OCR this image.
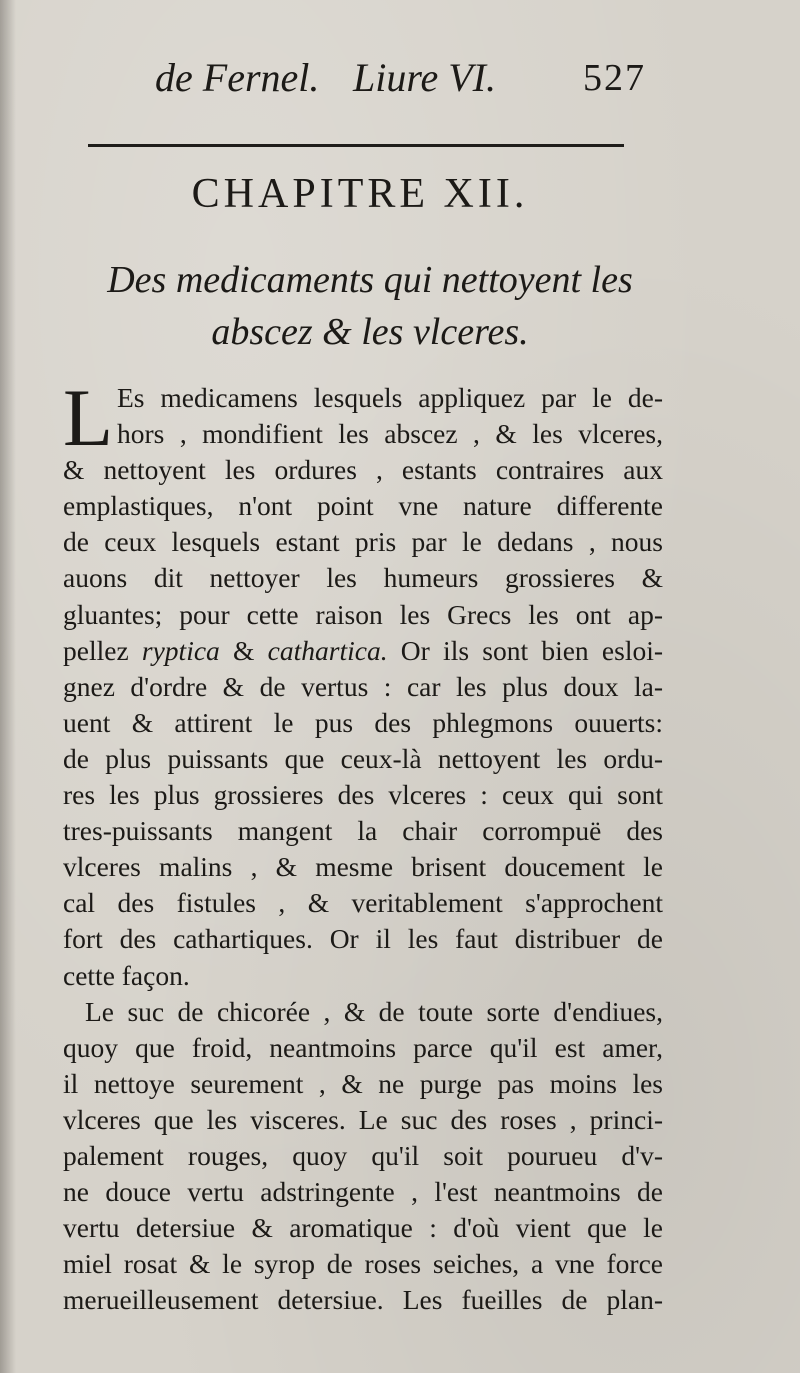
de Fernel. Liure VI. 527
CHAPITRE XII.
Des medicaments qui nettoyent les
abscez & les vlceres.
L Es medicamens lesquels appliquez par le de-
hors , mondifient les abscez , & les vlceres,
& nettoyent les ordures , estants contraires aux
emplastiques, n'ont point vne nature differente
de ceux lesquels estant pris par le dedans , nous
auons dit nettoyer les humeurs grossieres &
gluantes; pour cette raison les Grecs les ont ap-
pellez ryptica & cathartica. Or ils sont bien esloi-
gnez d'ordre & de vertus : car les plus doux la-
uent & attirent le pus des phlegmons ouuerts:
de plus puissants que ceux-là nettoyent les ordu-
res les plus grossieres des vlceres : ceux qui sont
tres-puissants mangent la chair corrompuë des
vlceres malins , & mesme brisent doucement le
cal des fistules , & veritablement s'approchent
fort des cathartiques. Or il les faut distribuer de
cette façon.
Le suc de chicorée , & de toute sorte d'endiues,
quoy que froid, neantmoins parce qu'il est amer,
il nettoye seurement , & ne purge pas moins les
vlceres que les visceres. Le suc des roses , princi-
palement rouges, quoy qu'il soit pourueu d'v-
ne douce vertu adstringente , l'est neantmoins de
vertu detersiue & aromatique : d'où vient que le
miel rosat & le syrop de roses seiches, a vne force
merueilleusement detersiue. Les fueilles de plan-
